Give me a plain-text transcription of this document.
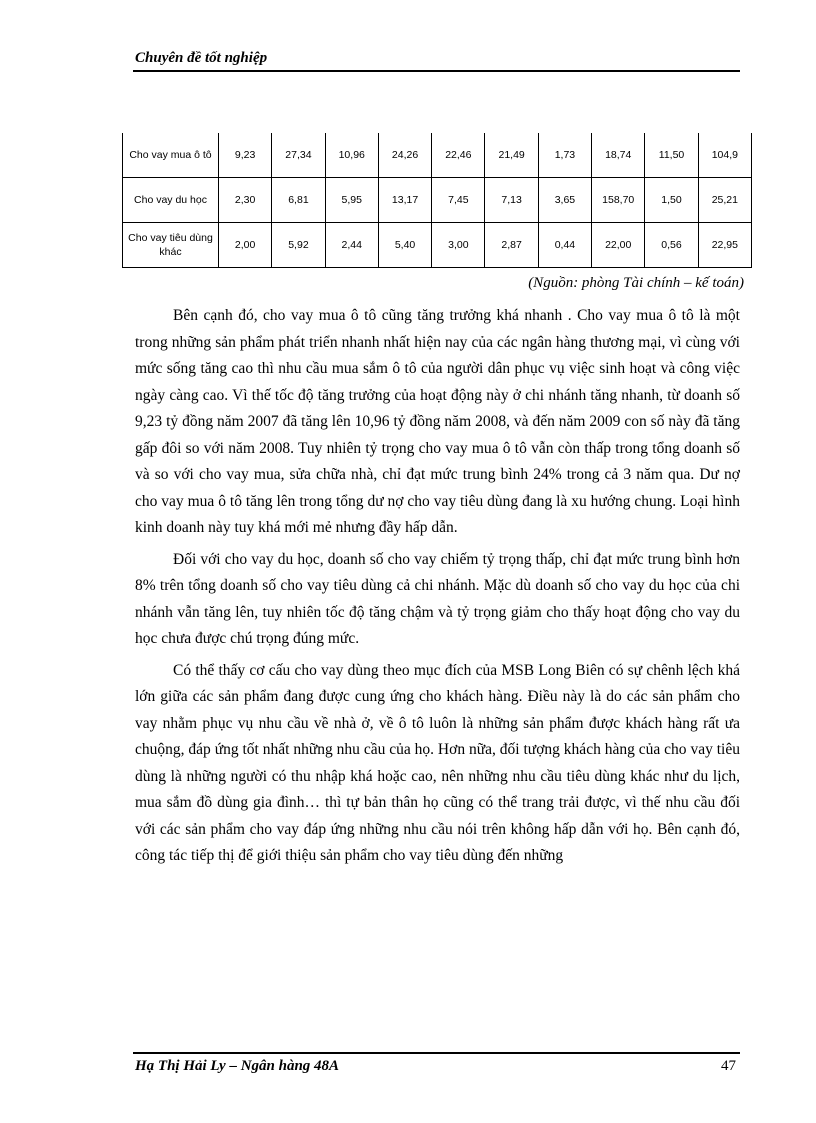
Chuyên đề tốt nghiệp
Cho vay mua ô tô	9,23	27,34	10,96	24,26	22,46	21,49	1,73	18,74	11,50	104,9
Cho vay du học	2,30	6,81	5,95	13,17	7,45	7,13	3,65	158,70	1,50	25,21
Cho vay tiêu dùng khác	2,00	5,92	2,44	5,40	3,00	2,87	0,44	22,00	0,56	22,95
(Nguồn: phòng Tài chính – kế toán)

Bên cạnh đó, cho vay mua ô tô cũng tăng trưởng khá nhanh . Cho vay mua ô tô là một trong những sản phẩm phát triển nhanh nhất hiện nay của các ngân hàng thương mại, vì cùng với mức sống tăng cao thì nhu cầu mua sắm ô tô của người dân phục vụ việc sinh hoạt và công việc ngày càng cao. Vì thế tốc độ tăng trưởng của hoạt động này ở chi nhánh tăng nhanh, từ doanh số 9,23 tỷ đồng năm 2007 đã tăng lên 10,96 tỷ đồng năm 2008, và đến năm 2009 con số này đã tăng gấp đôi so với năm 2008. Tuy nhiên tỷ trọng cho vay mua ô tô vẫn còn thấp trong tổng doanh số và so với cho vay mua, sửa chữa nhà, chỉ đạt mức trung bình 24% trong cả 3 năm qua. Dư nợ cho vay mua ô tô tăng lên trong tổng dư nợ cho vay tiêu dùng đang là xu hướng chung. Loại hình kinh doanh này tuy khá mới mẻ nhưng đầy hấp dẫn.

Đối với cho vay du học, doanh số cho vay chiếm tỷ trọng thấp, chỉ đạt mức trung bình hơn 8% trên tổng doanh số cho vay tiêu dùng cả chi nhánh. Mặc dù doanh số cho vay du học của chi nhánh vẫn tăng lên, tuy nhiên tốc độ tăng chậm và tỷ trọng giảm cho thấy hoạt động cho vay du học chưa được chú trọng đúng mức.

Có thể thấy cơ cấu cho vay dùng theo mục đích của MSB Long Biên có sự chênh lệch khá lớn giữa các sản phẩm đang được cung ứng cho khách hàng. Điều này là do các sản phẩm cho vay nhằm phục vụ nhu cầu về nhà ở, về ô tô luôn là những sản phẩm được khách hàng rất ưa chuộng, đáp ứng tốt nhất những nhu cầu của họ. Hơn nữa, đối tượng khách hàng của cho vay tiêu dùng là những người có thu nhập khá hoặc cao, nên những nhu cầu tiêu dùng khác như du lịch, mua sắm đồ dùng gia đình… thì tự bản thân họ cũng có thể trang trải được, vì thế nhu cầu đối với các sản phẩm cho vay đáp ứng những nhu cầu nói trên không hấp dẫn với họ. Bên cạnh đó, công tác tiếp thị để giới thiệu sản phẩm cho vay tiêu dùng đến những

Hạ Thị Hải Ly – Ngân hàng 48A	47
